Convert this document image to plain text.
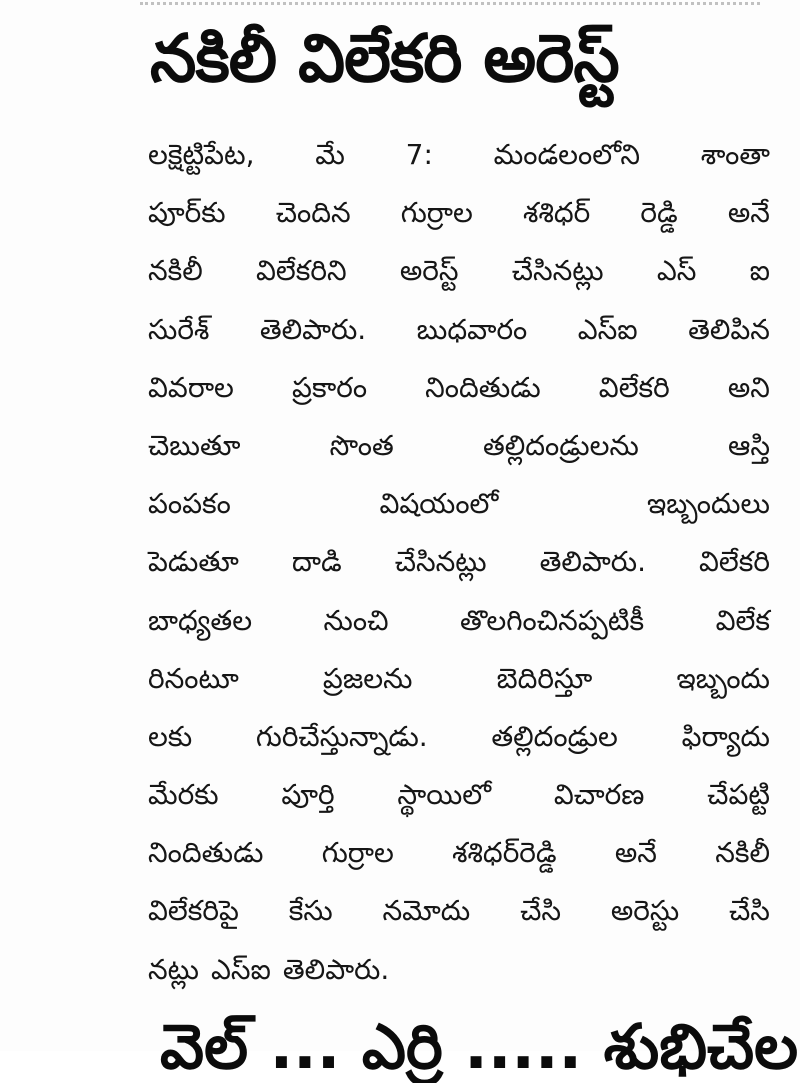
నకిలీ విలేకరి అరెస్ట్
లక్షెట్టిపేట, మే 7: మండలంలోని శాంతా
పూర్‌కు చెందిన గుర్రాల శశిధర్ రెడ్డి అనే
నకిలీ విలేకరిని అరెస్ట్ చేసినట్లు ఎస్ ఐ
సురేశ్ తెలిపారు. బుధవారం ఎస్ఐ తెలిపిన
వివరాల ప్రకారం నిందితుడు విలేకరి అని
చెబుతూ	సొంత	తల్లిదండ్రులను	ఆస్తి
పంపకం	విషయంలో	ఇబ్బందులు
పెడుతూ దాడి చేసినట్లు తెలిపారు. విలేకరి
బాధ్యతల	నుంచి	తొలగించినప్పటికీ	విలేక
రినంటూ	ప్రజలను	బెదిరిస్తూ	ఇబ్బందు
లకు గురిచేస్తున్నాడు. తల్లిదండ్రుల ఫిర్యాదు
మేరకు పూర్తి స్థాయిలో విచారణ చేపట్టి
నిందితుడు గుర్రాల శశిధర్‌రెడ్డి అనే నకిలీ
విలేకరిపై కేసు నమోదు చేసి అరెస్టు చేసి
నట్లు ఎస్ఐ తెలిపారు.
వెల్ ... ఎర్రి ..... శుభిచేల
